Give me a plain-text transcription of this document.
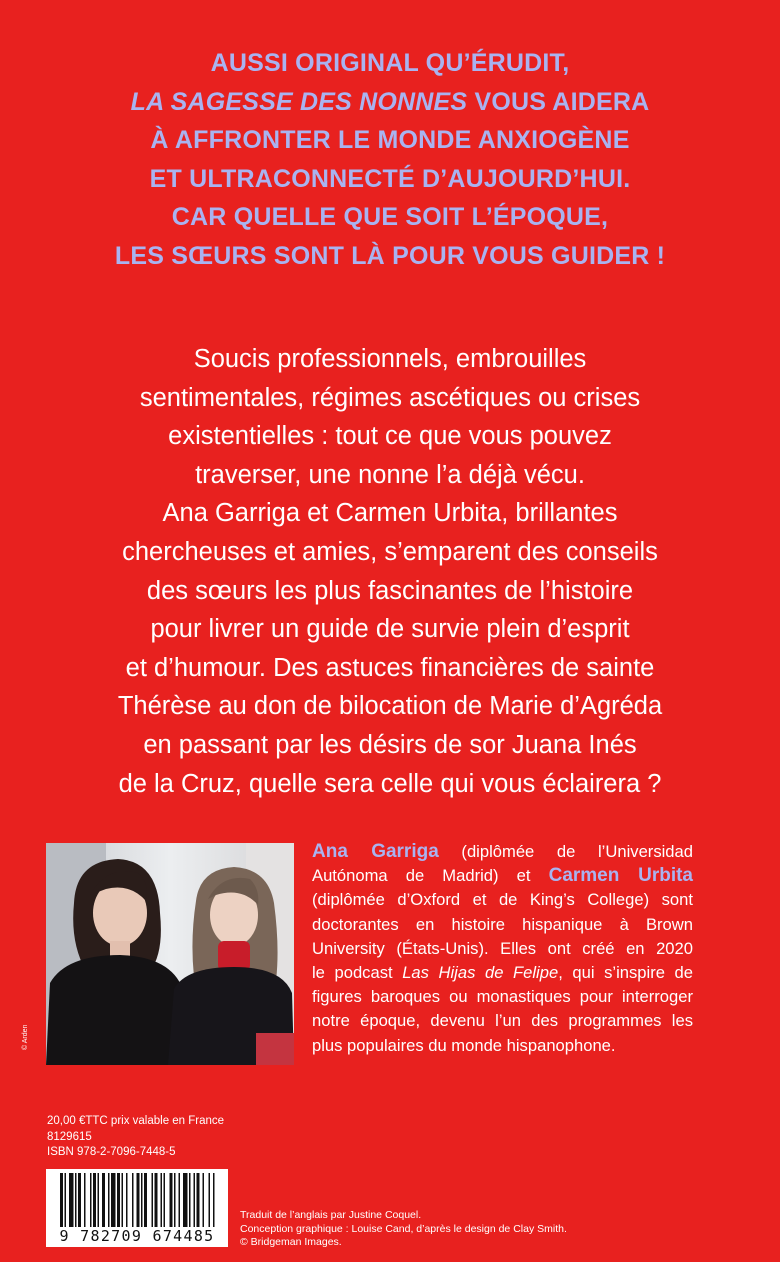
AUSSI ORIGINAL QU’ÉRUDIT,
LA SAGESSE DES NONNES VOUS AIDERA
À AFFRONTER LE MONDE ANXIOGÈNE
ET ULTRACONNECTÉ D’AUJOURD’HUI.
CAR QUELLE QUE SOIT L’ÉPOQUE,
LES SŒURS SONT LÀ POUR VOUS GUIDER !
Soucis professionnels, embrouilles
sentimentales, régimes ascétiques ou crises
existentielles : tout ce que vous pouvez
traverser, une nonne l’a déjà vécu.
Ana Garriga et Carmen Urbita, brillantes
chercheuses et amies, s’emparent des conseils
des sœurs les plus fascinantes de l’histoire
pour livrer un guide de survie plein d’esprit
et d’humour. Des astuces financières de sainte
Thérèse au don de bilocation de Marie d’Agréda
en passant par les désirs de sor Juana Inés
de la Cruz, quelle sera celle qui vous éclairera ?
© Arden
Ana Garriga (diplômée de l’Universidad
Autónoma de Madrid) et Carmen Urbita
(diplômée d’Oxford et de King’s College) sont
doctorantes en histoire hispanique à Brown
University (États-Unis). Elles ont créé en 2020
le podcast Las Hijas de Felipe, qui s’inspire de
figures baroques ou monastiques pour interroger
notre époque, devenu l’un des programmes les
plus populaires du monde hispanophone.
20,00 €TTC prix valable en France
8129615
ISBN 978-2-7096-7448-5
9 782709 674485
Traduit de l’anglais par Justine Coquel.
Conception graphique : Louise Cand, d’après le design de Clay Smith.
© Bridgeman Images.
